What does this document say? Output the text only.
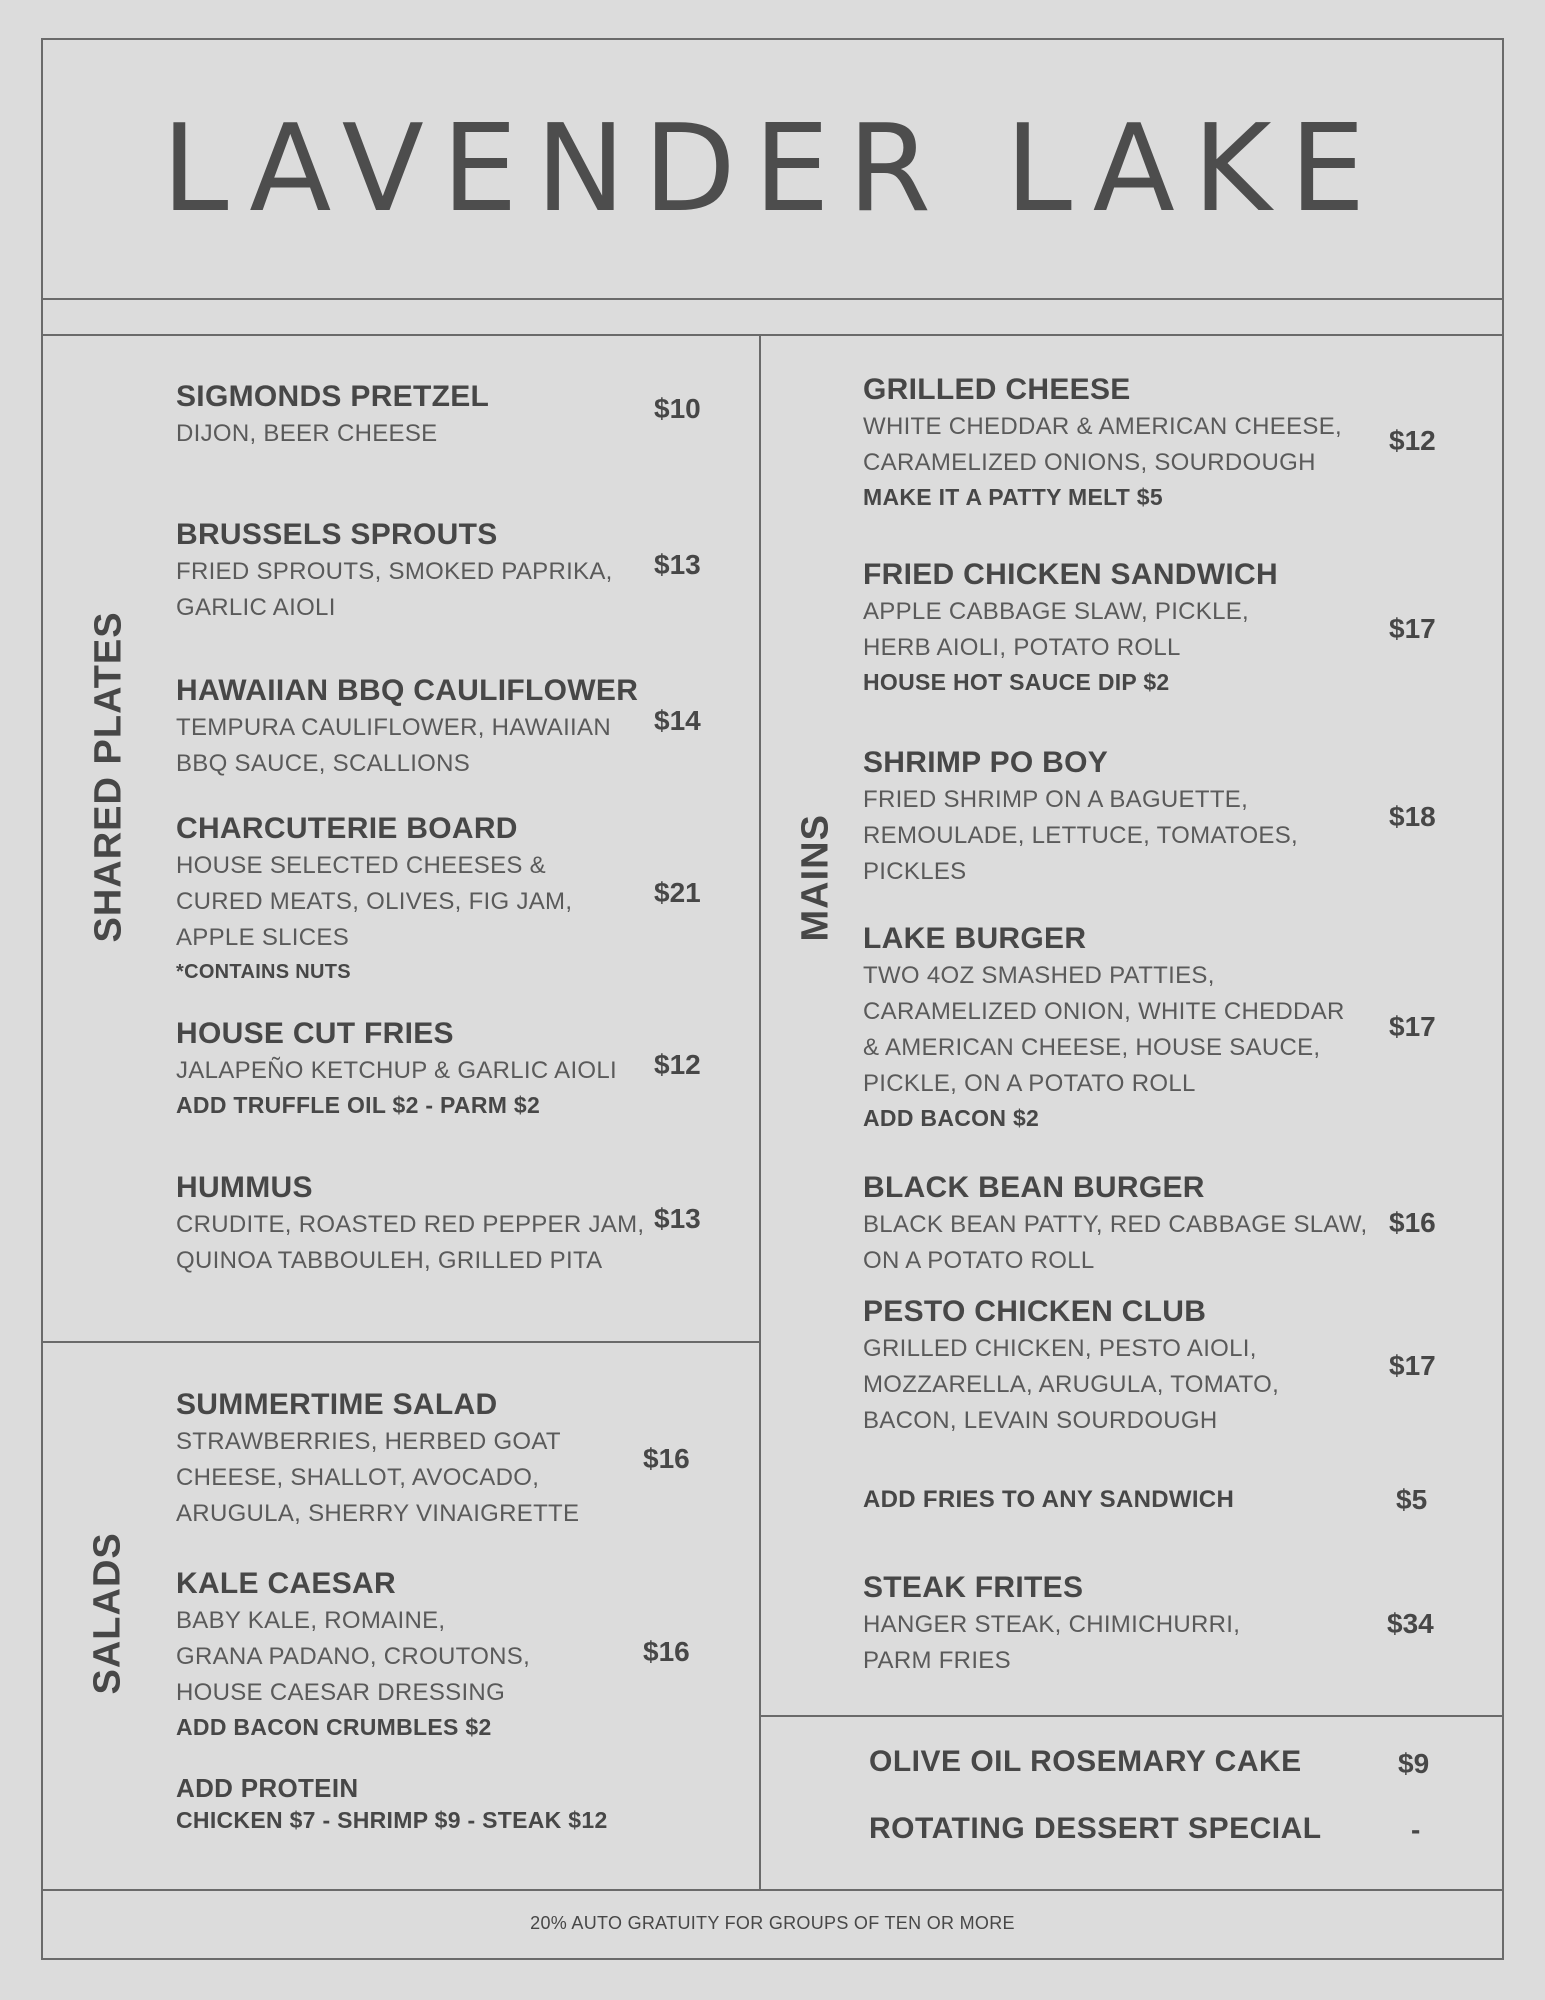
LAVENDER LAKE
SHARED PLATES
SALADS
MAINS
SIGMONDS PRETZEL
DIJON, BEER CHEESE
$10
BRUSSELS SPROUTS
FRIED SPROUTS, SMOKED PAPRIKA,
GARLIC AIOLI
$13
HAWAIIAN BBQ CAULIFLOWER
TEMPURA CAULIFLOWER, HAWAIIAN
BBQ SAUCE, SCALLIONS
$14
CHARCUTERIE BOARD
HOUSE SELECTED CHEESES &
CURED MEATS, OLIVES, FIG JAM,
APPLE SLICES
*CONTAINS NUTS
$21
HOUSE CUT FRIES
JALAPEÑO KETCHUP & GARLIC AIOLI
ADD TRUFFLE OIL $2 - PARM $2
$12
HUMMUS
CRUDITE, ROASTED RED PEPPER JAM,
QUINOA TABBOULEH, GRILLED PITA
$13
SUMMERTIME SALAD
STRAWBERRIES, HERBED GOAT
CHEESE, SHALLOT, AVOCADO,
ARUGULA, SHERRY VINAIGRETTE
$16
KALE CAESAR
BABY KALE, ROMAINE,
GRANA PADANO, CROUTONS,
HOUSE CAESAR DRESSING
ADD BACON CRUMBLES $2
$16
ADD PROTEIN
CHICKEN $7 - SHRIMP $9 - STEAK $12
GRILLED CHEESE
WHITE CHEDDAR & AMERICAN CHEESE,
CARAMELIZED ONIONS, SOURDOUGH
MAKE IT A PATTY MELT $5
$12
FRIED CHICKEN SANDWICH
APPLE CABBAGE SLAW, PICKLE,
HERB AIOLI, POTATO ROLL
HOUSE HOT SAUCE DIP $2
$17
SHRIMP PO BOY
FRIED SHRIMP ON A BAGUETTE,
REMOULADE, LETTUCE, TOMATOES,
PICKLES
$18
LAKE BURGER
TWO 4OZ SMASHED PATTIES,
CARAMELIZED ONION, WHITE CHEDDAR
& AMERICAN CHEESE, HOUSE SAUCE,
PICKLE, ON A POTATO ROLL
ADD BACON $2
$17
BLACK BEAN BURGER
BLACK BEAN PATTY, RED CABBAGE SLAW,
ON A POTATO ROLL
$16
PESTO CHICKEN CLUB
GRILLED CHICKEN, PESTO AIOLI,
MOZZARELLA, ARUGULA, TOMATO,
BACON, LEVAIN SOURDOUGH
$17
ADD FRIES TO ANY SANDWICH	$5
STEAK FRITES
HANGER STEAK, CHIMICHURRI,
PARM FRIES
$34
OLIVE OIL ROSEMARY CAKE	$9
ROTATING DESSERT SPECIAL	-
20% AUTO GRATUITY FOR GROUPS OF TEN OR MORE
